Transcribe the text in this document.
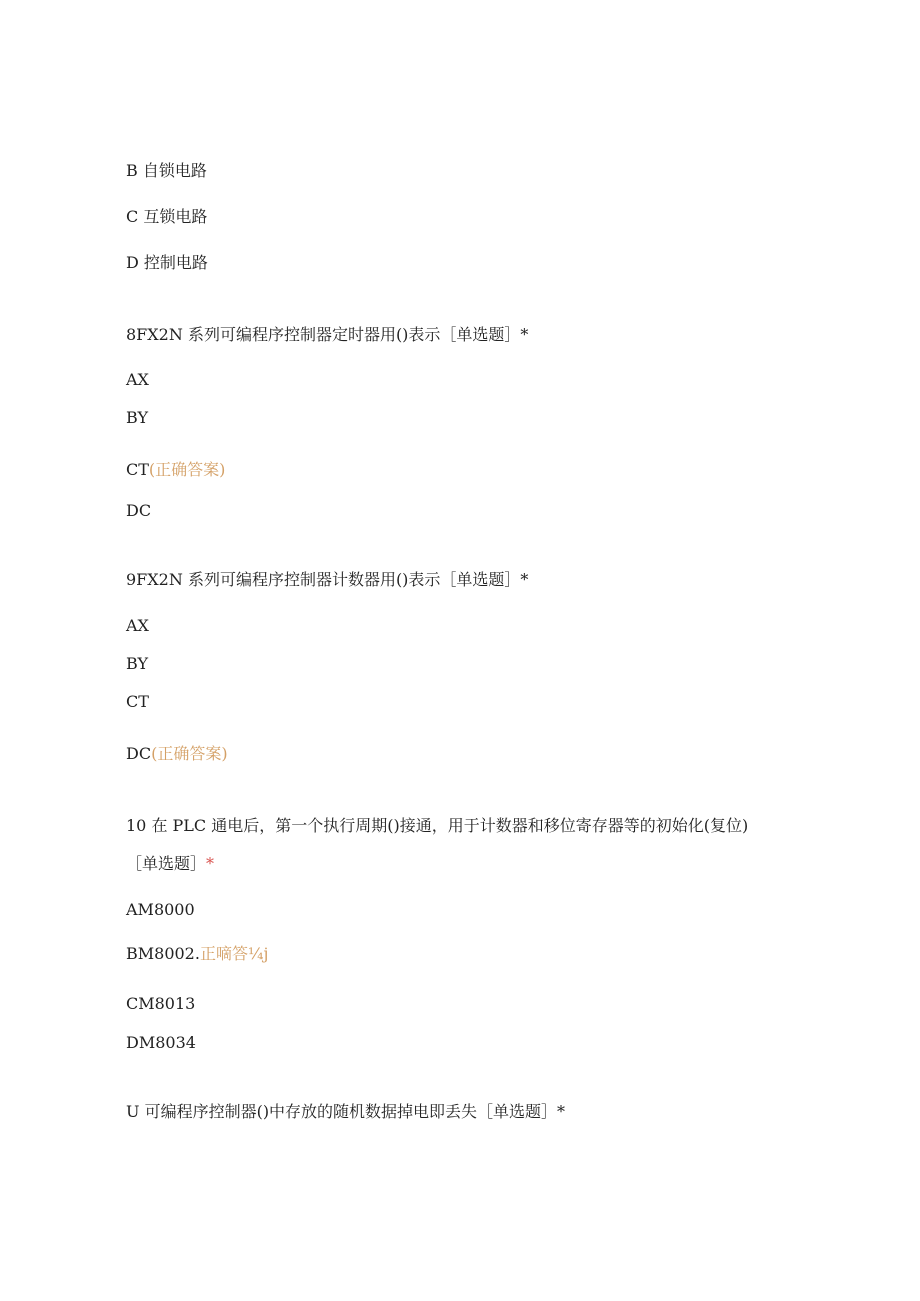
B 自锁电路
C 互锁电路
D 控制电路
8FX2N 系列可编程序控制器定时器用()表示［单选题］*
AX
BY
CT(正确答案)
DC
9FX2N 系列可编程序控制器计数器用()表示［单选题］*
AX
BY
CT
DC(正确答案)
10 在 PLC 通电后，第一个执行周期()接通，用于计数器和移位寄存器等的初始化(复位)
［单选题］*
AM8000
BM8002.正嘀答¼j
CM8013
DM8034
U 可编程序控制器()中存放的随机数据掉电即丢失［单选题］*
